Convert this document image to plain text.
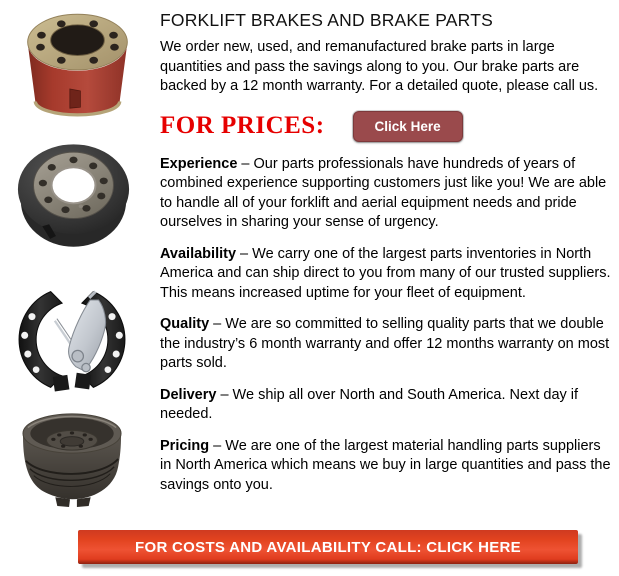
FORKLIFT BRAKES AND BRAKE PARTS

We order new, used, and remanufactured brake parts in large quantities and pass the savings along to you. Our brake parts are backed by a 12 month warranty. For a detailed quote, please call us.

FOR PRICES:	Click Here

Experience – Our parts professionals have hundreds of years of combined experience supporting customers just like you! We are able to handle all of your forklift and aerial equipment needs and pride ourselves in sharing your sense of urgency.

Availability – We carry one of the largest parts inventories in North America and can ship direct to you from many of our trusted suppliers. This means increased uptime for your fleet of equipment.

Quality – We are so committed to selling quality parts that we double the industry’s 6 month warranty and offer 12 months warranty on most parts sold.

Delivery – We ship all over North and South America. Next day if needed.

Pricing – We are one of the largest material handling parts suppliers in North America which means we buy in large quantities and pass the savings onto you.

FOR COSTS AND AVAILABILITY CALL: CLICK HERE
